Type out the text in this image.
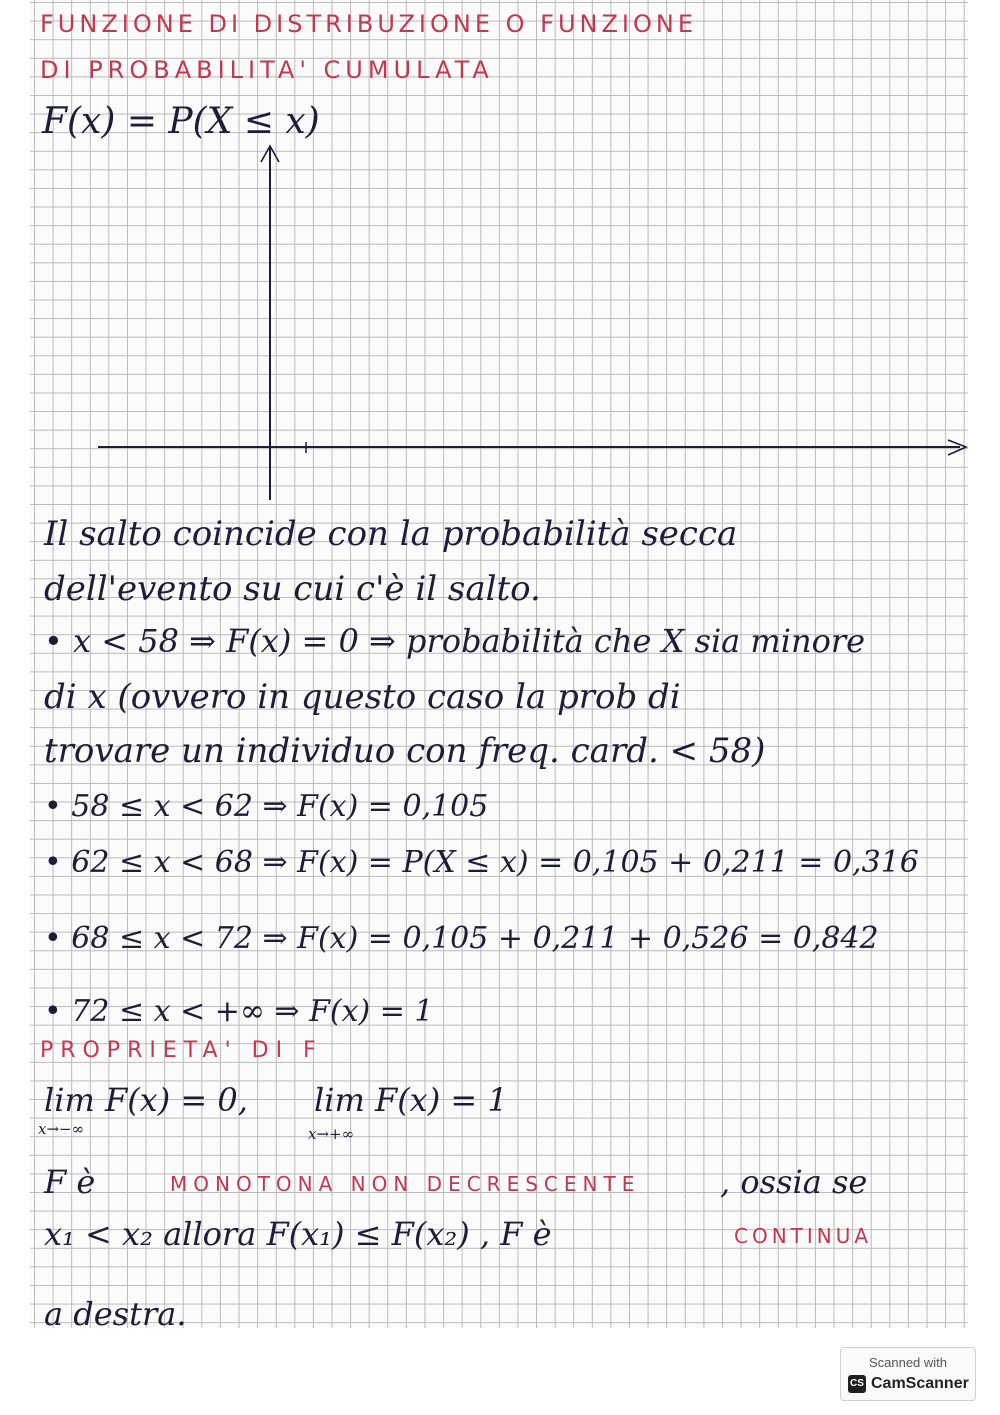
FUNZIONE DI DISTRIBUZIONE O FUNZIONE
DI PROBABILITA' CUMULATA
F(x) = P(X ≤ x)
Il salto coincide con la probabilità secca
dell'evento su cui c'è il salto.
• x < 58 ⇒ F(x) = 0 ⇒ probabilità che X sia minore
di x (ovvero in questo caso la prob di
trovare un individuo con freq. card. < 58)
• 58 ≤ x < 62 ⇒ F(x) = 0,105
• 62 ≤ x < 68 ⇒ F(x) = P(X ≤ x) = 0,105 + 0,211 = 0,316
• 68 ≤ x < 72 ⇒ F(x) = 0,105 + 0,211 + 0,526 = 0,842
• 72 ≤ x < +∞ ⇒ F(x) = 1
PROPRIETA' DI F
lim F(x) = 0,
x→−∞
lim F(x) = 1
x→+∞
F è	MONOTONA NON DECRESCENTE , ossia se
x₁ < x₂ allora F(x₁) ≤ F(x₂) , F è	CONTINUA
a destra.
Scanned with
CS CamScanner
